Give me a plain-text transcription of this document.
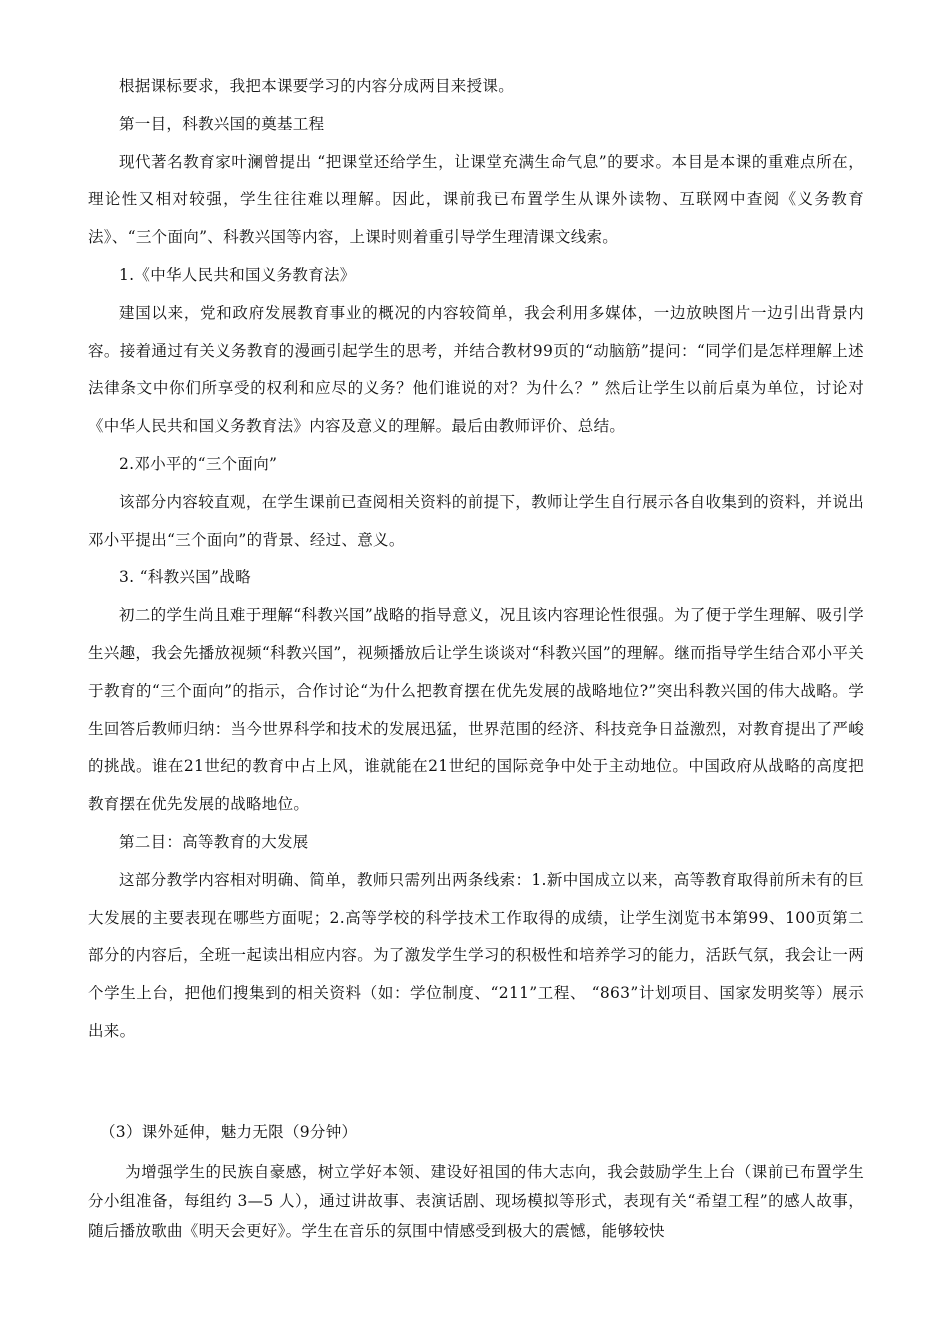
根据课标要求，我把本课要学习的内容分成两目来授课。

第一目，科教兴国的奠基工程

现代著名教育家叶澜曾提出 “把课堂还给学生，让课堂充满生命气息”的要求。本目是本课的重难点所在，理论性又相对较强，学生往往难以理解。因此，课前我已布置学生从课外读物、互联网中查阅《义务教育法》、“三个面向”、科教兴国等内容，上课时则着重引导学生理清课文线索。

1.《中华人民共和国义务教育法》

建国以来，党和政府发展教育事业的概况的内容较简单，我会利用多媒体，一边放映图片一边引出背景内容。接着通过有关义务教育的漫画引起学生的思考，并结合教材99页的“动脑筋”提问：“同学们是怎样理解上述法律条文中你们所享受的权利和应尽的义务？他们谁说的对？为什么？” 然后让学生以前后桌为单位，讨论对《中华人民共和国义务教育法》内容及意义的理解。最后由教师评价、总结。

2.邓小平的“三个面向”

该部分内容较直观，在学生课前已查阅相关资料的前提下，教师让学生自行展示各自收集到的资料，并说出邓小平提出“三个面向”的背景、经过、意义。

3. “科教兴国”战略

初二的学生尚且难于理解“科教兴国”战略的指导意义，况且该内容理论性很强。为了便于学生理解、吸引学生兴趣，我会先播放视频“科教兴国”，视频播放后让学生谈谈对“科教兴国”的理解。继而指导学生结合邓小平关于教育的“三个面向”的指示，合作讨论“为什么把教育摆在优先发展的战略地位?”突出科教兴国的伟大战略。学生回答后教师归纳：当今世界科学和技术的发展迅猛，世界范围的经济、科技竞争日益激烈，对教育提出了严峻的挑战。谁在21世纪的教育中占上风，谁就能在21世纪的国际竞争中处于主动地位。中国政府从战略的高度把教育摆在优先发展的战略地位。

第二目：高等教育的大发展

这部分教学内容相对明确、简单，教师只需列出两条线索：1.新中国成立以来，高等教育取得前所未有的巨大发展的主要表现在哪些方面呢；2.高等学校的科学技术工作取得的成绩，让学生浏览书本第99、100页第二部分的内容后，全班一起读出相应内容。为了激发学生学习的积极性和培养学习的能力，活跃气氛，我会让一两个学生上台，把他们搜集到的相关资料（如：学位制度、“211”工程、 “863”计划项目、国家发明奖等）展示出来。

（3）课外延伸，魅力无限（9分钟）

为增强学生的民族自豪感，树立学好本领、建设好祖国的伟大志向，我会鼓励学生上台（课前已布置学生分小组准备，每组约 3—5 人），通过讲故事、表演话剧、现场模拟等形式，表现有关“希望工程”的感人故事，随后播放歌曲《明天会更好》。学生在音乐的氛围中情感受到极大的震憾，能够较快
